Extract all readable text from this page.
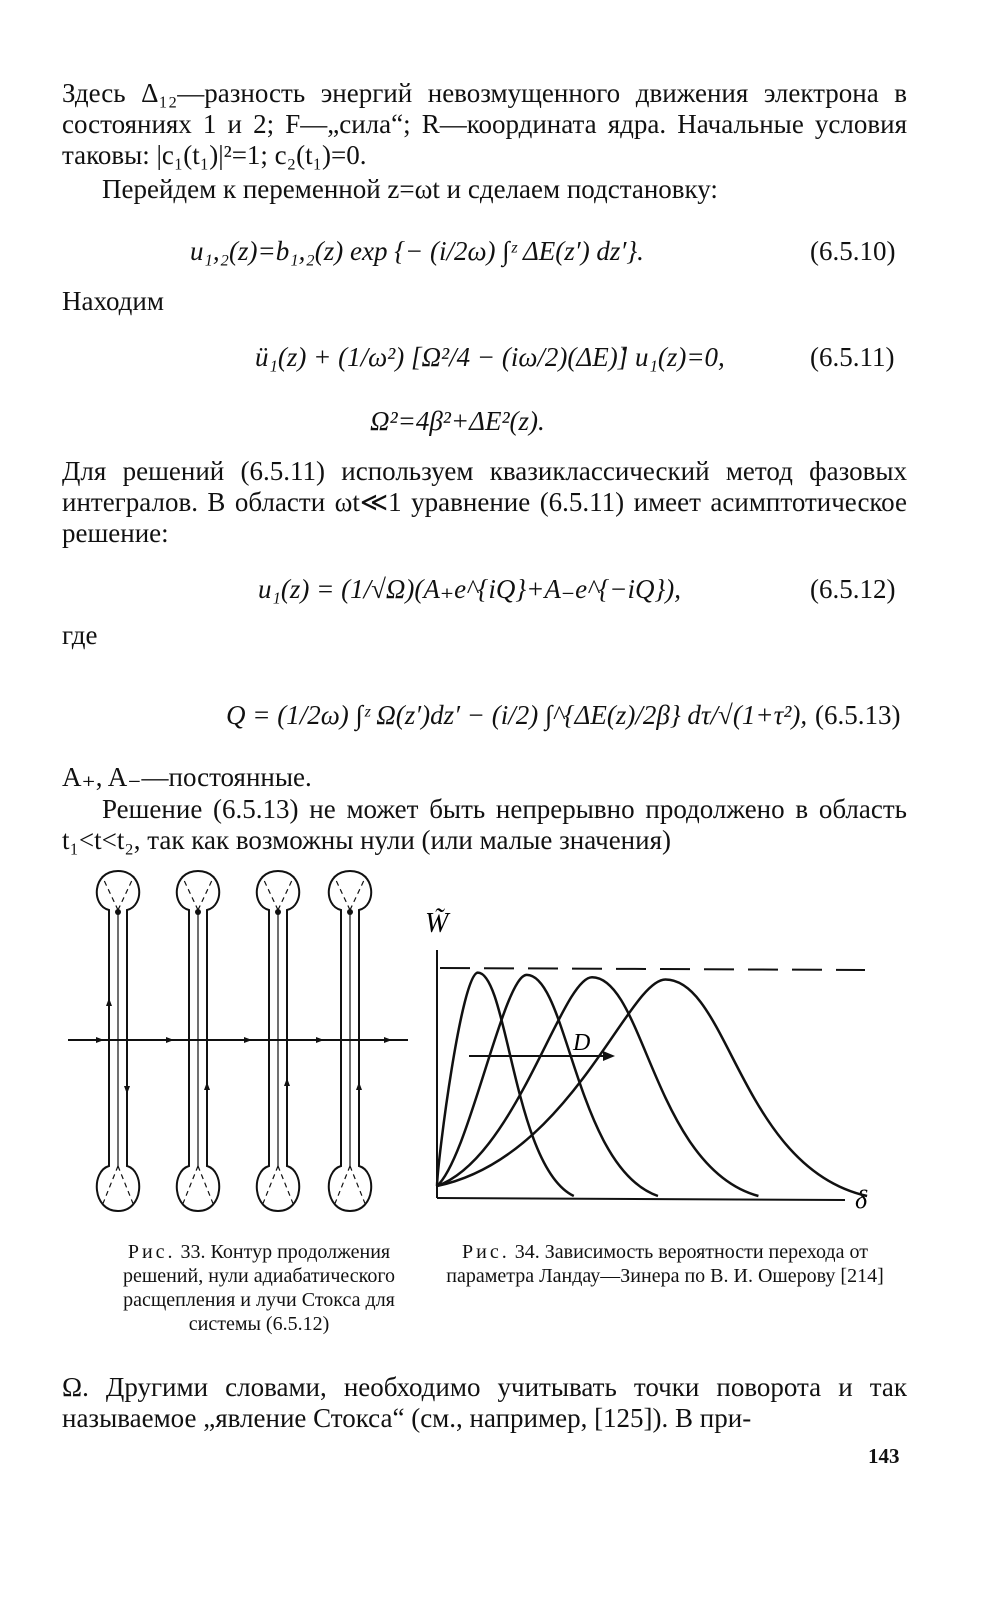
Здесь Δ₁₂—разность энергий невозмущенного движения электрона в состояниях 1 и 2; F—„сила“; R—координата ядра. Начальные условия таковы: |c₁(t₁)|²=1; c₂(t₁)=0.

Перейдем к переменной z=ωt и сделаем подстановку:

u₁,₂(z)=b₁,₂(z) exp {− (i/2ω) ∫ᶻ ΔE(z′) dz′}.	(6.5.10)

Находим

ü₁(z) + (1/ω²) [Ω²/4 − (iω/2)(ΔE)̇] u₁(z)=0,	(6.5.11)
Ω²=4β²+ΔE²(z).

Для решений (6.5.11) используем квазиклассический метод фазовых интегралов. В области ωt≪1 уравнение (6.5.11) имеет асимптотическое решение:

u₁(z) = (1/√Ω)(A₊e^{iQ}+A₋e^{−iQ}),	(6.5.12)

где

Q = (1/2ω) ∫ᶻ Ω(z′)dz′ − (i/2) ∫^{ΔE(z)/2β} dτ/√(1+τ²), (6.5.13)

A₊, A₋—постоянные.

Решение (6.5.13) не может быть непрерывно продолжено в область t₁<t<t₂, так как возможны нули (или малые значения)

W̃
δ
D
Рис. 33. Контур продолжения решений, нули адиабатического расщепления и лучи Стокса для системы (6.5.12)
Рис. 34. Зависимость вероятности перехода от параметра Ландау—Зинера по В. И. Ошерову [214]

Ω. Другими словами, необходимо учитывать точки поворота и так называемое „явление Стокса“ (см., например, [125]). В при-

143
